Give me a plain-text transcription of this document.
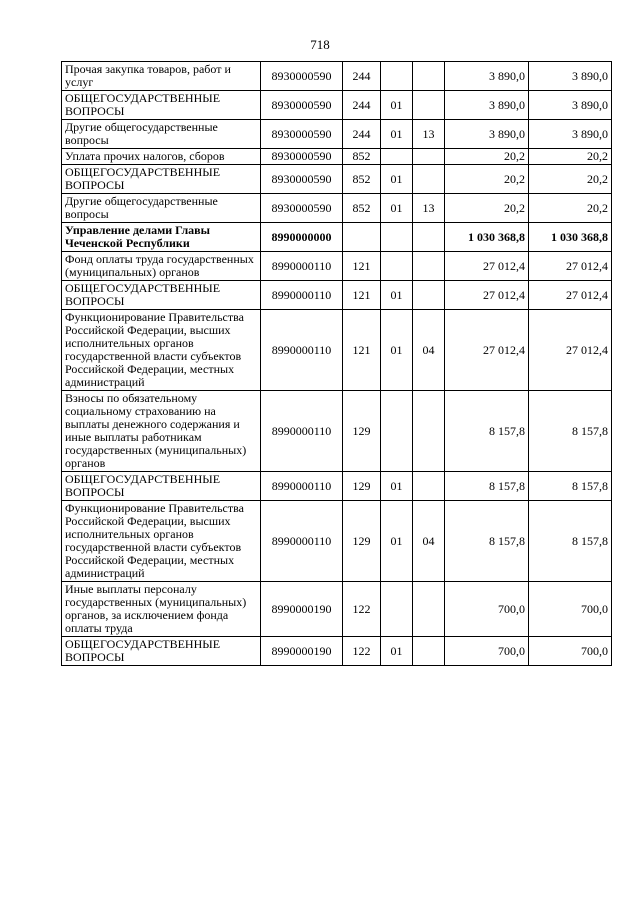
718
Прочая закупка товаров, работ и услуг	8930000590	244			3 890,0	3 890,0
ОБЩЕГОСУДАРСТВЕННЫЕ ВОПРОСЫ	8930000590	244	01		3 890,0	3 890,0
Другие общегосударственные вопросы	8930000590	244	01	13	3 890,0	3 890,0
Уплата прочих налогов, сборов	8930000590	852			20,2	20,2
ОБЩЕГОСУДАРСТВЕННЫЕ ВОПРОСЫ	8930000590	852	01		20,2	20,2
Другие общегосударственные вопросы	8930000590	852	01	13	20,2	20,2
Управление делами Главы Чеченской Республики	8990000000				1 030 368,8	1 030 368,8
Фонд оплаты труда государственных (муниципальных) органов	8990000110	121			27 012,4	27 012,4
ОБЩЕГОСУДАРСТВЕННЫЕ ВОПРОСЫ	8990000110	121	01		27 012,4	27 012,4
Функционирование Правительства Российской Федерации, высших исполнительных органов государственной власти субъектов Российской Федерации, местных администраций	8990000110	121	01	04	27 012,4	27 012,4
Взносы по обязательному социальному страхованию на выплаты денежного содержания и иные выплаты работникам государственных (муниципальных) органов	8990000110	129			8 157,8	8 157,8
ОБЩЕГОСУДАРСТВЕННЫЕ ВОПРОСЫ	8990000110	129	01		8 157,8	8 157,8
Функционирование Правительства Российской Федерации, высших исполнительных органов государственной власти субъектов Российской Федерации, местных администраций	8990000110	129	01	04	8 157,8	8 157,8
Иные выплаты персоналу государственных (муниципальных) органов, за исключением фонда оплаты труда	8990000190	122			700,0	700,0
ОБЩЕГОСУДАРСТВЕННЫЕ ВОПРОСЫ	8990000190	122	01		700,0	700,0
